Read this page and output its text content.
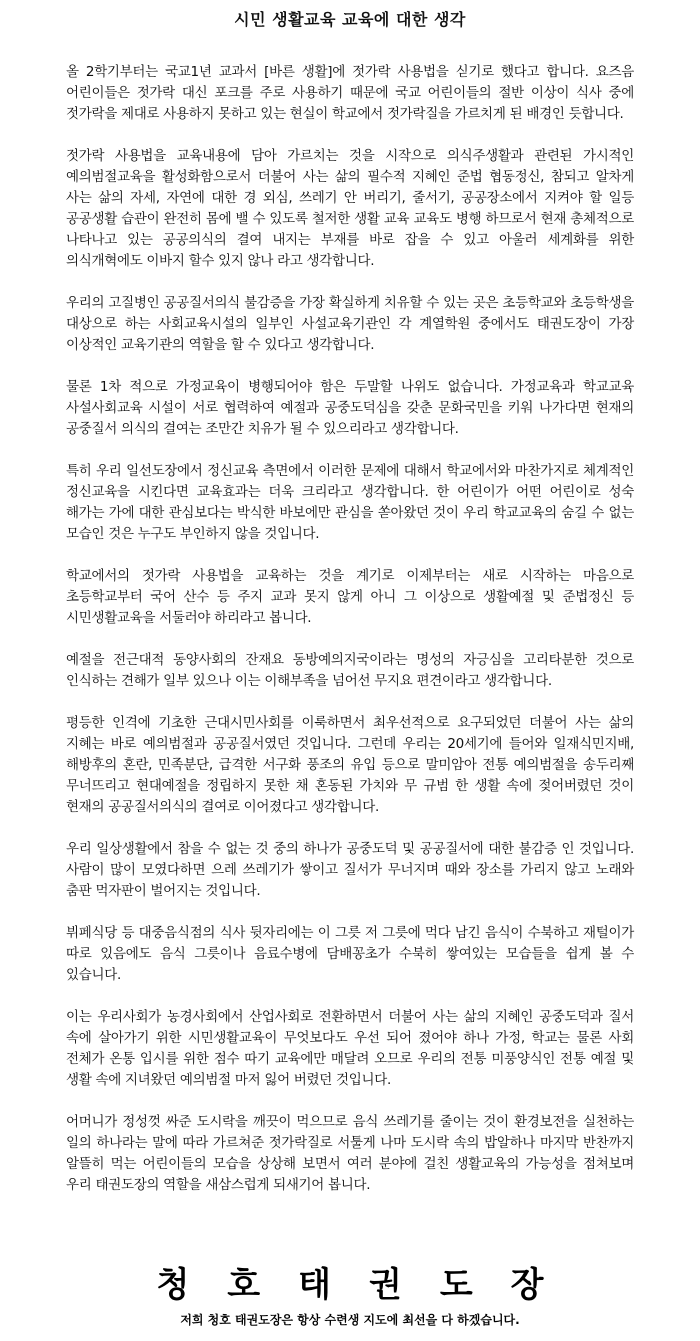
시민 생활교육 교육에 대한 생각

올 2학기부터는 국교1년 교과서 [바른 생활]에 젓가락 사용법을 싣기로 했다고 합니다. 요즈음 어린이들은 젓가락 대신 포크를 주로 사용하기 때문에 국교 어린이들의 절반 이상이 식사 중에 젓가락을 제대로 사용하지 못하고 있는 현실이 학교에서 젓가락질을 가르치게 된 배경인 듯합니다.

젓가락 사용법을 교육내용에 담아 가르치는 것을 시작으로 의식주생활과 관련된 가시적인 예의범절교육을 활성화함으로서 더불어 사는 삶의 필수적 지혜인 준법 협동정신, 참되고 알차게 사는 삶의 자세, 자연에 대한 경 외심, 쓰레기 안 버리기, 줄서기, 공공장소에서 지켜야 할 일등 공공생활 습관이 완전히 몸에 밸 수 있도록 철저한 생활 교육 교육도 병행 하므로서 현재 총체적으로 나타나고 있는 공공의식의 결여 내지는 부재를 바로 잡을 수 있고 아울러 세계화를 위한 의식개혁에도 이바지 할수 있지 않나 라고 생각합니다.

우리의 고질병인 공공질서의식 불감증을 가장 확실하게 치유할 수 있는 곳은 초등학교와 초등학생을 대상으로 하는 사회교육시설의 일부인 사설교육기관인 각 계열학원 중에서도 태권도장이 가장 이상적인 교육기관의 역할을 할 수 있다고 생각합니다.

물론 1차 적으로 가정교육이 병행되어야 함은 두말할 나위도 없습니다. 가정교육과 학교교육 사설사회교육 시설이 서로 협력하여 예절과 공중도덕심을 갖춘 문화국민을 키워 나가다면 현재의 공중질서 의식의 결여는 조만간 치유가 될 수 있으리라고 생각합니다.

특히 우리 일선도장에서 정신교육 측면에서 이러한 문제에 대해서 학교에서와 마찬가지로 체계적인 정신교육을 시킨다면 교육효과는 더욱 크리라고 생각합니다. 한 어린이가 어떤 어린이로 성숙 해가는 가에 대한 관심보다는 박식한 바보에만 관심을 쏟아왔던 것이 우리 학교교육의 숨길 수 없는 모습인 것은 누구도 부인하지 않을 것입니다.

학교에서의 젓가락 사용법을 교육하는 것을 계기로 이제부터는 새로 시작하는 마음으로 초등학교부터 국어 산수 등 주지 교과 못지 않게 아니 그 이상으로 생활예절 및 준법정신 등 시민생활교육을 서둘러야 하리라고 봅니다.

예절을 전근대적 동양사회의 잔재요 동방예의지국이라는 명성의 자긍심을 고리타분한 것으로 인식하는 견해가 일부 있으나 이는 이해부족을 넘어선 무지요 편견이라고 생각합니다.

평등한 인격에 기초한 근대시민사회를 이룩하면서 최우선적으로 요구되었던 더불어 사는 삶의 지혜는 바로 예의범절과 공공질서였던 것입니다. 그런데 우리는 20세기에 들어와 일재식민지배, 해방후의 혼란, 민족분단, 급격한 서구화 풍조의 유입 등으로 말미암아 전통 예의범절을 송두리째 무너뜨리고 현대예절을 정립하지 못한 채 혼동된 가치와 무 규범 한 생활 속에 젖어버렸던 것이 현재의 공공질서의식의 결여로 이어졌다고 생각합니다.

우리 일상생활에서 참을 수 없는 것 중의 하나가 공중도덕 및 공공질서에 대한 불감증 인 것입니다. 사람이 많이 모였다하면 으레 쓰레기가 쌓이고 질서가 무너지며 때와 장소를 가리지 않고 노래와 춤판 먹자판이 벌어지는 것입니다.

뷔페식당 등 대중음식점의 식사 뒷자리에는 이 그릇 저 그릇에 먹다 남긴 음식이 수북하고 재털이가 따로 있음에도 음식 그릇이나 음료수병에 담배꽁초가 수북히 쌓여있는 모습들을 쉽게 볼 수 있습니다.

이는 우리사회가 농경사회에서 산업사회로 전환하면서 더불어 사는 삶의 지혜인 공중도덕과 질서 속에 살아가기 위한 시민생활교육이 무엇보다도 우선 되어 졌어야 하나 가정, 학교는 물론 사회 전체가 온통 입시를 위한 점수 따기 교육에만 매달려 오므로 우리의 전통 미풍양식인 전통 예절 및 생활 속에 지녀왔던 예의범절 마저 잃어 버렸던 것입니다.

어머니가 정성껏 싸준 도시락을 깨끗이 먹으므로 음식 쓰레기를 줄이는 것이 환경보전을 실천하는 일의 하나라는 말에 따라 가르쳐준 젓가락질로 서툴게 나마 도시락 속의 밥알하나 마지막 반찬까지 알뜰히 먹는 어린이들의 모습을 상상해 보면서 여러 분야에 걸친 생활교육의 가능성을 점쳐보며 우리 태권도장의 역할을 새삼스럽게 되새기어 봅니다.

청호태권도장
저희 청호 태권도장은 항상 수련생 지도에 최선을 다 하겠습니다.
